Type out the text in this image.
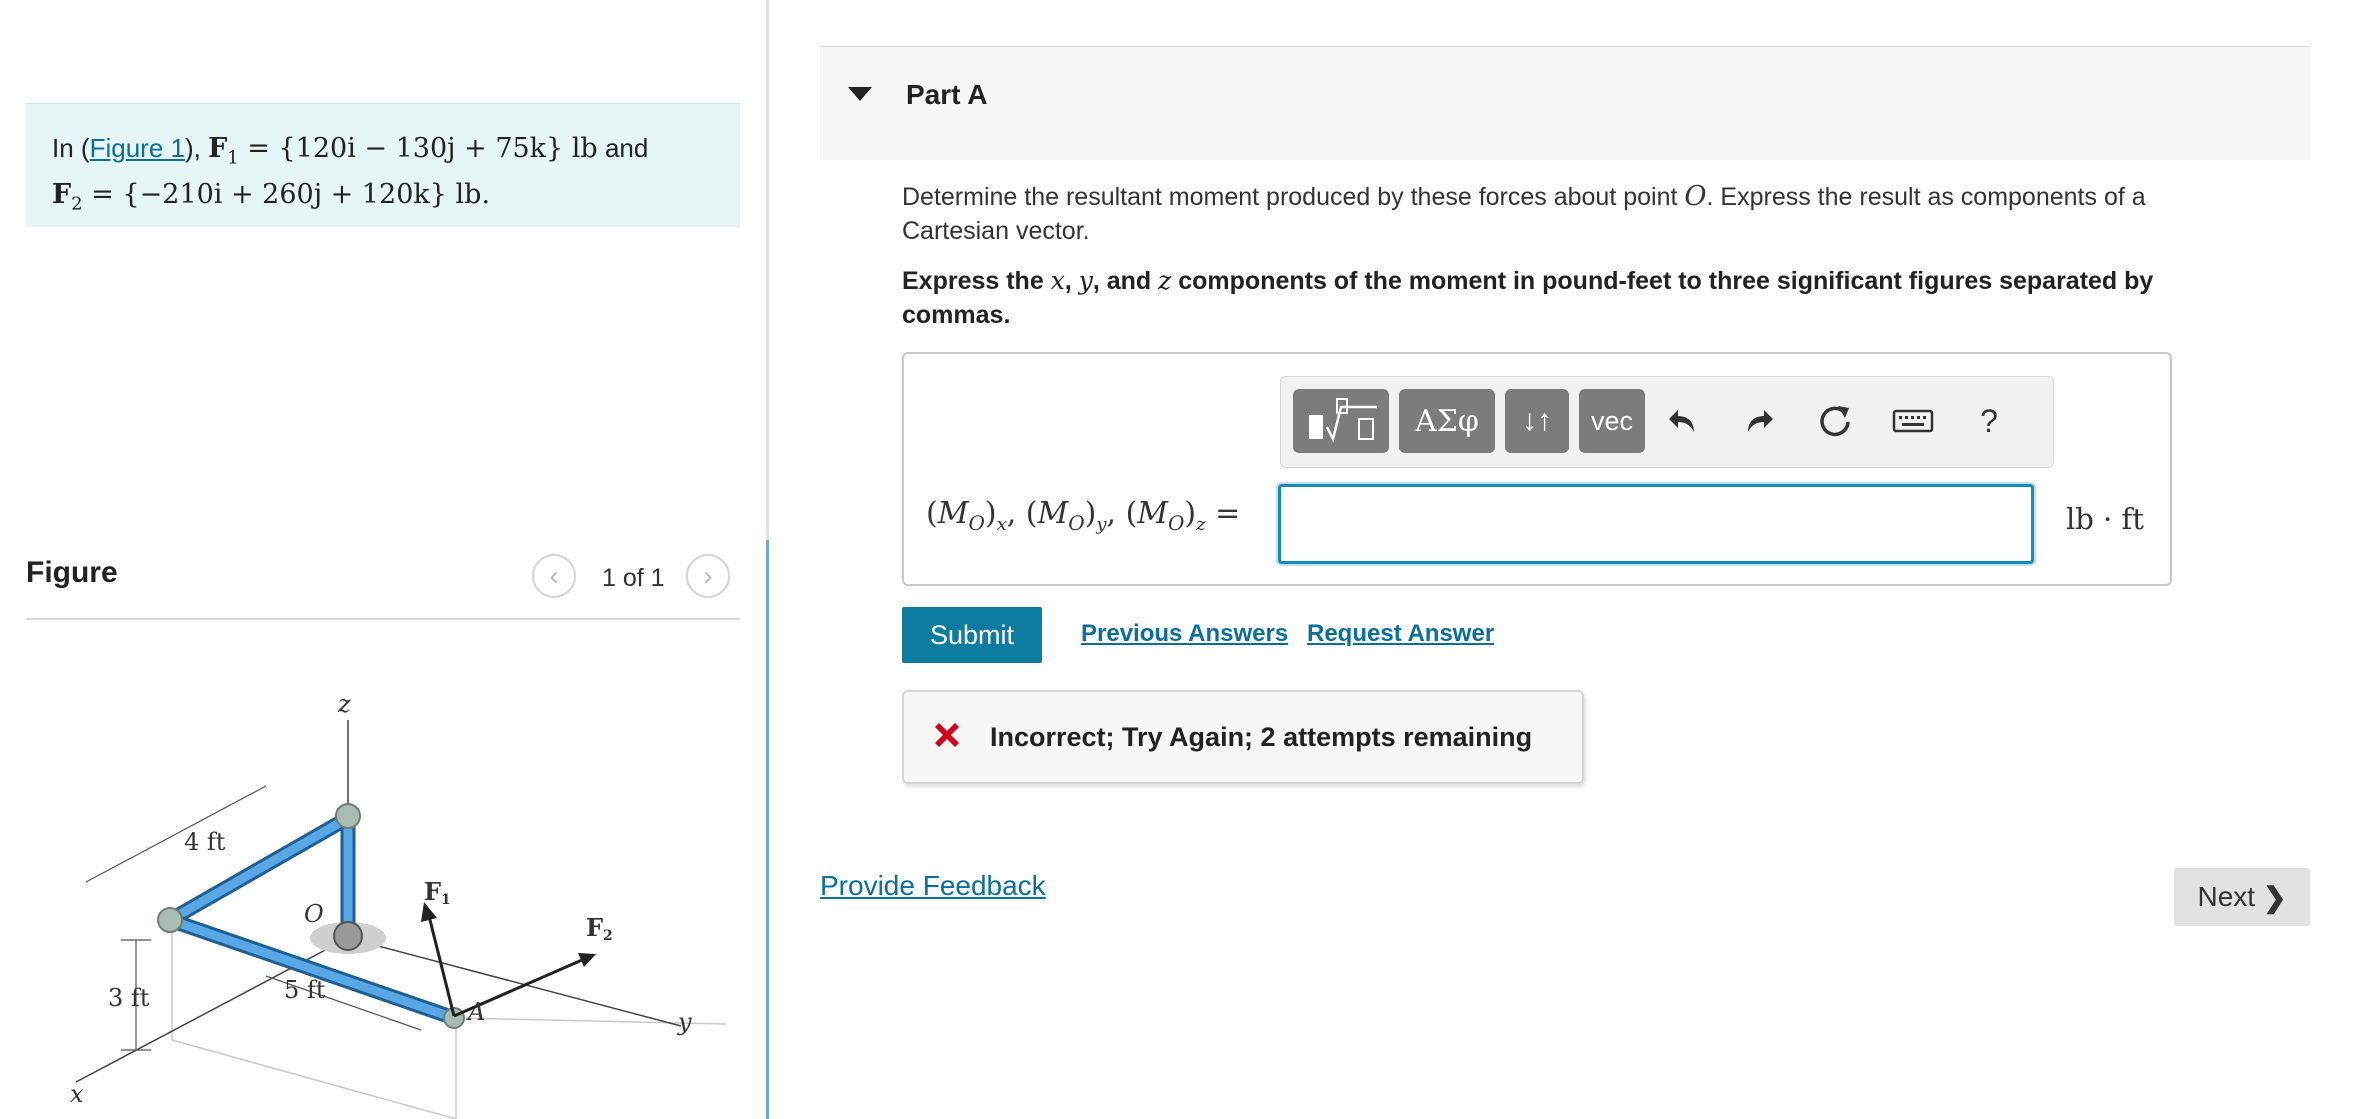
In (Figure 1), $F_1 = \{120i - 130j + 75k\}$ lb and
$F_2 = \{-210i + 260j + 120k\}$ lb.
Figure	‹ 1 of 1 ›
z
4 ft
F1
F2
O
3 ft	5 ft
A	y
x
Part A
Determine the resultant moment produced by these forces about point O. Express the result as components of a Cartesian vector.
Express the x, y, and z components of the moment in pound-feet to three significant figures separated by commas.
ΑΣφ	↓↑	vec	?
$(M_O)_x$, $(M_O)_y$, $(M_O)_z$ =	lb · ft
Submit	Previous Answers Request Answer
Incorrect; Try Again; 2 attempts remaining
Provide Feedback	Next ❯
